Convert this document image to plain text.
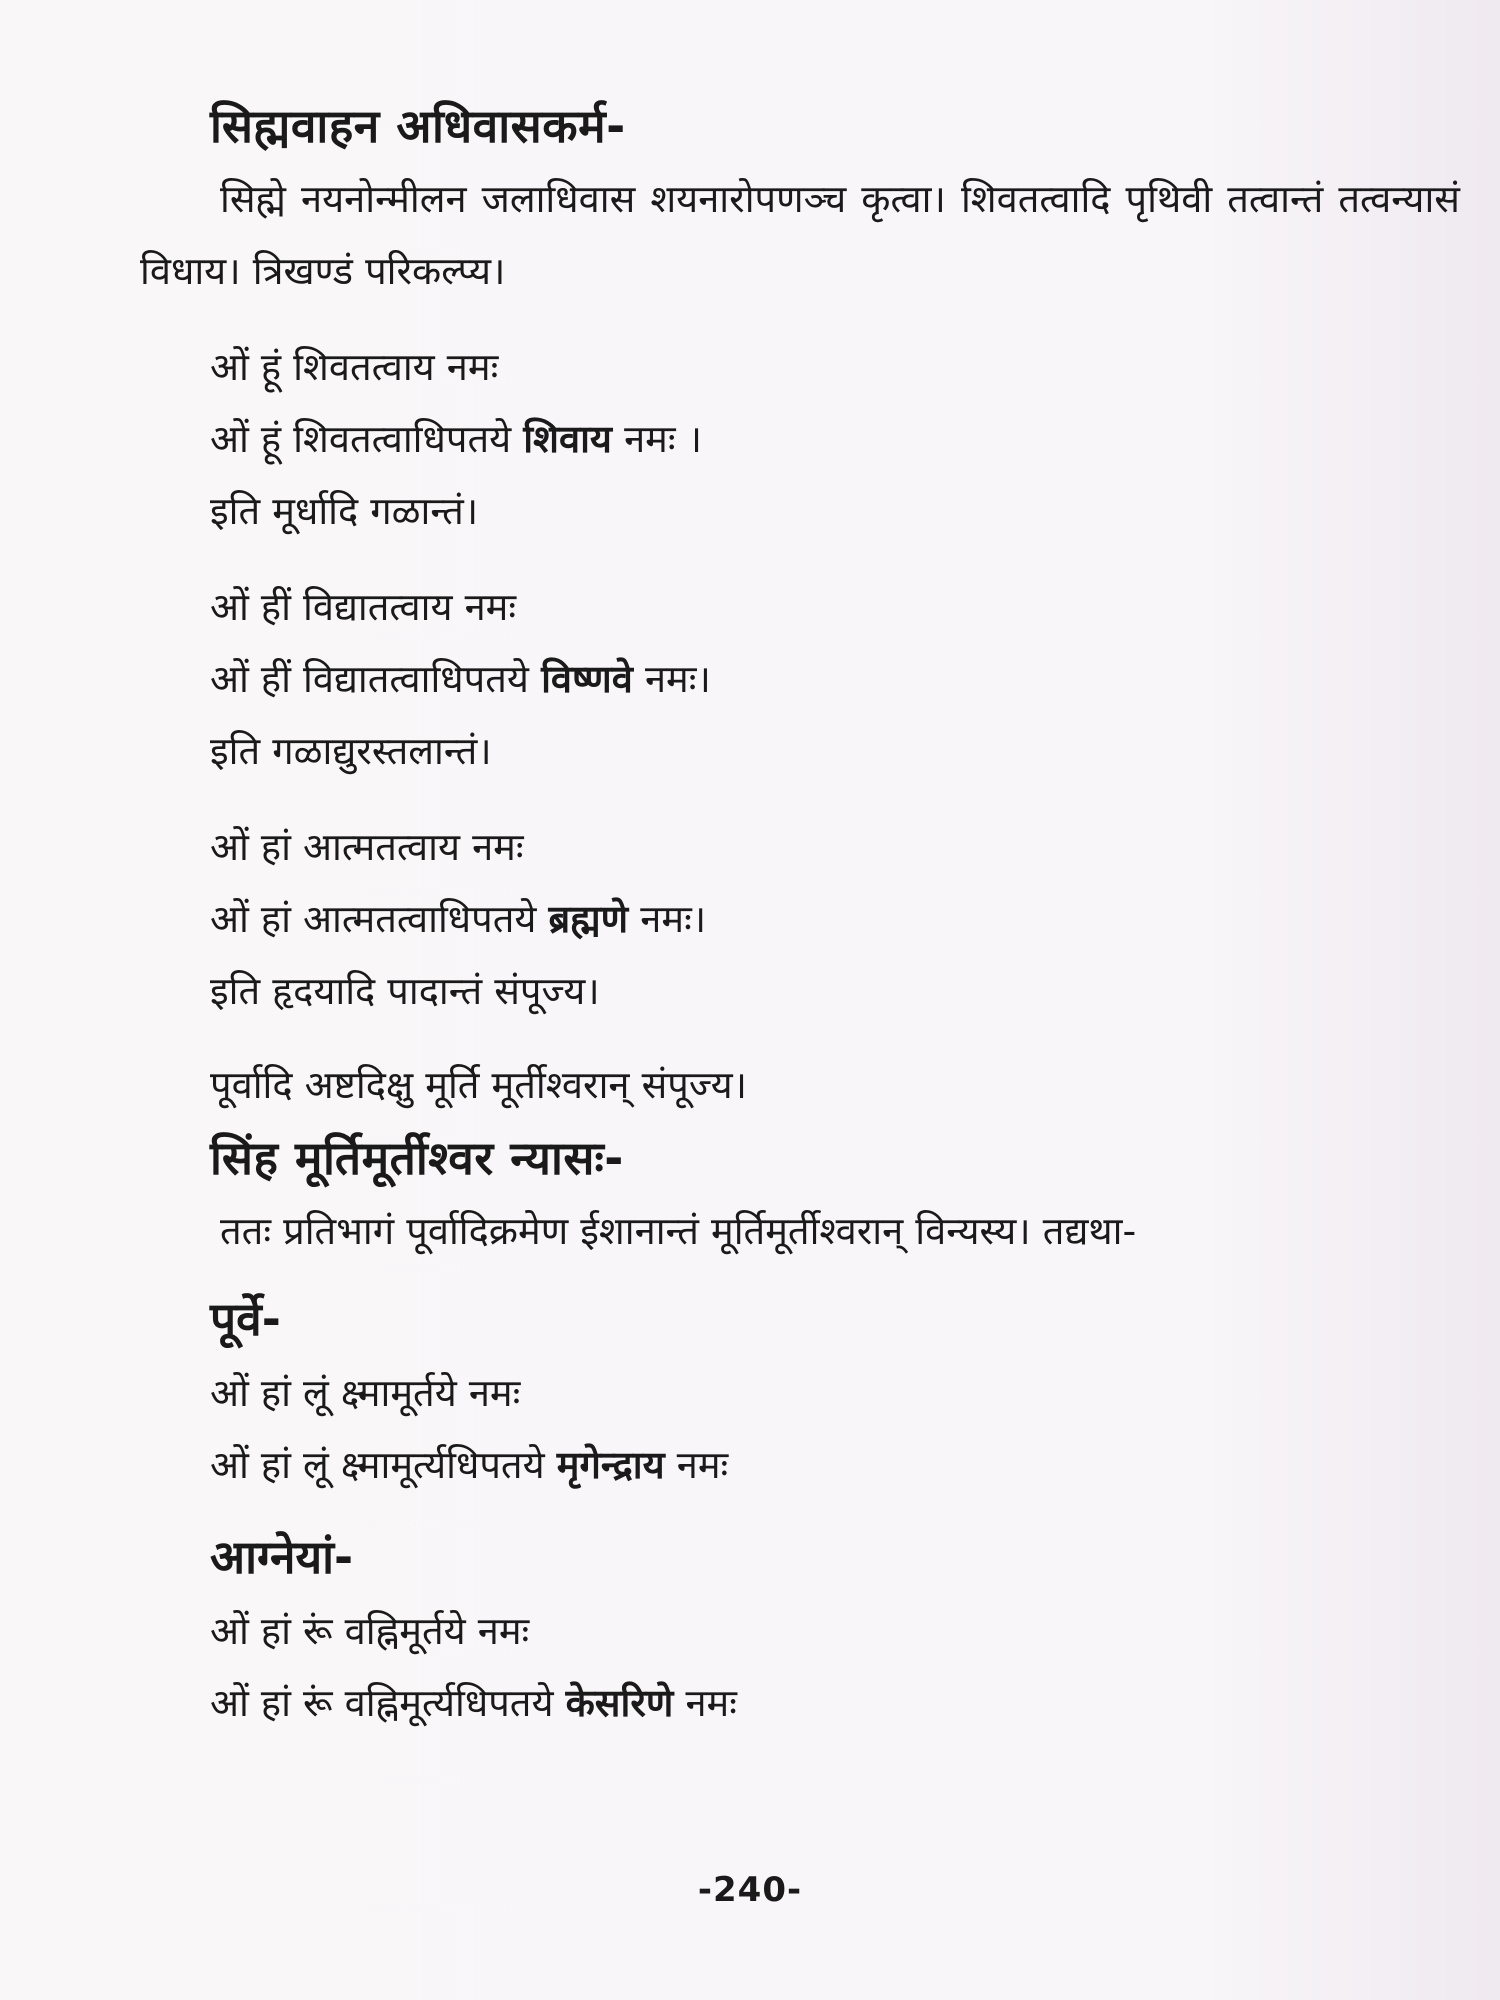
सिह्मवाहन अधिवासकर्म-
सिह्मे नयनोन्मीलन जलाधिवास शयनारोपणञ्च कृत्वा। शिवतत्वादि पृथिवी तत्वान्तं तत्वन्यासं विधाय। त्रिखण्डं परिकल्प्य।
ओं हूं शिवतत्वाय नमः
ओं हूं शिवतत्वाधिपतये शिवाय नमः ।
इति मूर्धादि गळान्तं।
ओं हीं विद्यातत्वाय नमः
ओं हीं विद्यातत्वाधिपतये विष्णवे नमः।
इति गळाद्युरस्तलान्तं।
ओं हां आत्मतत्वाय नमः
ओं हां आत्मतत्वाधिपतये ब्रह्मणे नमः।
इति हृदयादि पादान्तं संपूज्य।
पूर्वादि अष्टदिक्षु मूर्ति मूर्तीश्वरान् संपूज्य।
सिंह मूर्तिमूर्तीश्वर न्यासः-
ततः प्रतिभागं पूर्वादिक्रमेण ईशानान्तं मूर्तिमूर्तीश्वरान् विन्यस्य। तद्यथा-
पूर्वे-
ओं हां लूं क्ष्मामूर्तये नमः
ओं हां लूं क्ष्मामूर्त्यधिपतये मृगेन्द्राय नमः
आग्नेयां-
ओं हां रूं वह्निमूर्तये नमः
ओं हां रूं वह्निमूर्त्यधिपतये केसरिणे नमः
-240-
